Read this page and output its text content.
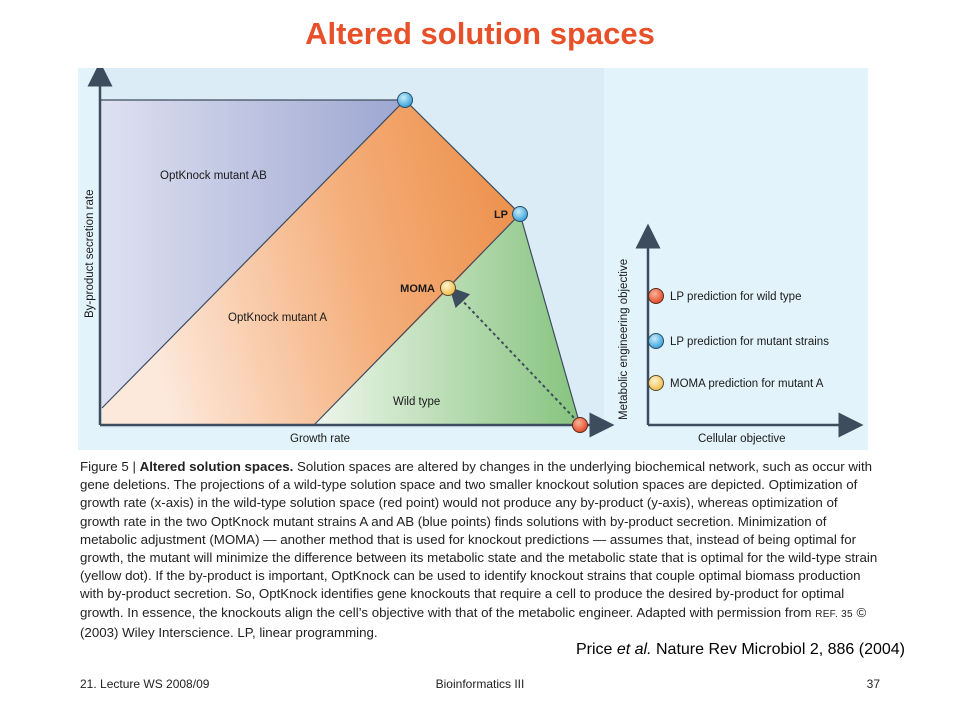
Altered solution spaces
LP
MOMA
OptKnock mutant AB
OptKnock mutant A
Wild type
Growth rate
By-product secretion rate
Cellular objective
Metabolic engineering objective	LP prediction for wild type
LP prediction for mutant strains
MOMA prediction for mutant A
Figure 5 | Altered solution spaces. Solution spaces are altered by changes in the underlying biochemical network, such as occur with gene deletions. The projections of a wild-type solution space and two smaller knockout solution spaces are depicted. Optimization of growth rate (x-axis) in the wild-type solution space (red point) would not produce any by-product (y-axis), whereas optimization of growth rate in the two OptKnock mutant strains A and AB (blue points) finds solutions with by-product secretion. Minimization of metabolic adjustment (MOMA) — another method that is used for knockout predictions — assumes that, instead of being optimal for growth, the mutant will minimize the difference between its metabolic state and the metabolic state that is optimal for the wild-type strain (yellow dot). If the by-product is important, OptKnock can be used to identify knockout strains that couple optimal biomass production with by-product secretion. So, OptKnock identifies gene knockouts that require a cell to produce the desired by-product for optimal growth. In essence, the knockouts align the cell’s objective with that of the metabolic engineer. Adapted with permission from REF. 35 © (2003) Wiley Interscience. LP, linear programming.
Price et al. Nature Rev Microbiol 2, 886 (2004)
21. Lecture WS 2008/09	Bioinformatics III	37
